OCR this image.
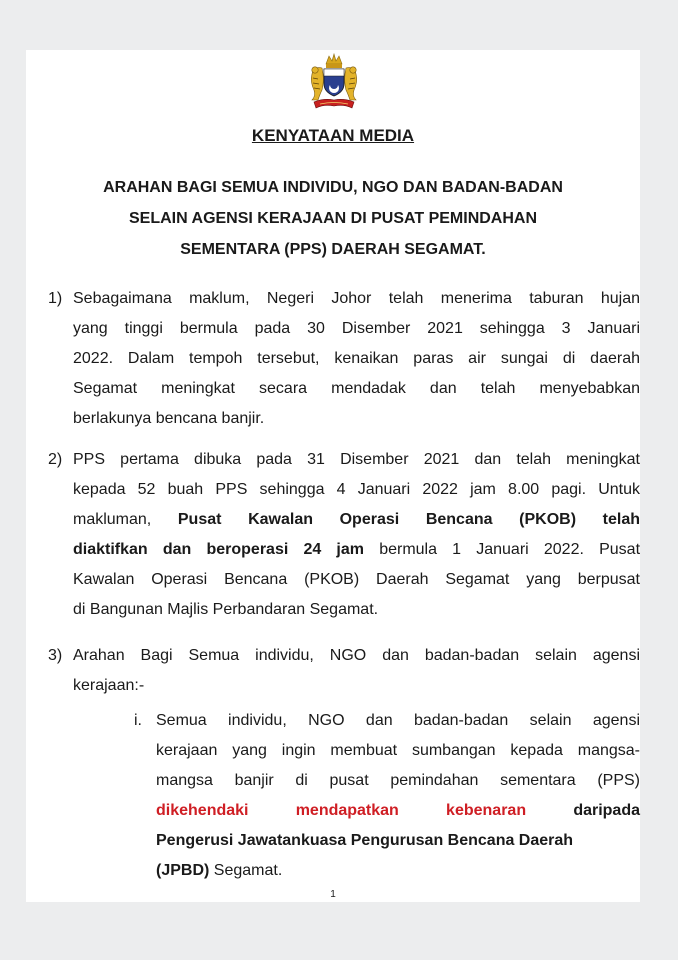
KENYATAAN MEDIA
ARAHAN BAGI SEMUA INDIVIDU, NGO DAN BADAN-BADAN
SELAIN AGENSI KERAJAAN DI PUSAT PEMINDAHAN
SEMENTARA (PPS) DAERAH SEGAMAT.
1) Sebagaimana maklum, Negeri Johor telah menerima taburan hujan
yang tinggi bermula pada 30 Disember 2021 sehingga 3 Januari
2022. Dalam tempoh tersebut, kenaikan paras air sungai di daerah
Segamat meningkat secara mendadak dan telah menyebabkan
berlakunya bencana banjir.
2) PPS pertama dibuka pada 31 Disember 2021 dan telah meningkat
kepada 52 buah PPS sehingga 4 Januari 2022 jam 8.00 pagi. Untuk
makluman, Pusat Kawalan Operasi Bencana (PKOB) telah
diaktifkan dan beroperasi 24 jam bermula 1 Januari 2022. Pusat
Kawalan Operasi Bencana (PKOB) Daerah Segamat yang berpusat
di Bangunan Majlis Perbandaran Segamat.
3) Arahan Bagi Semua individu, NGO dan badan-badan selain agensi
kerajaan:-
i. Semua individu, NGO dan badan-badan selain agensi
kerajaan yang ingin membuat sumbangan kepada mangsa-
mangsa banjir di pusat pemindahan sementara (PPS)
dikehendaki mendapatkan kebenaran	daripada
Pengerusi Jawatankuasa Pengurusan Bencana Daerah
(JPBD) Segamat.
1
